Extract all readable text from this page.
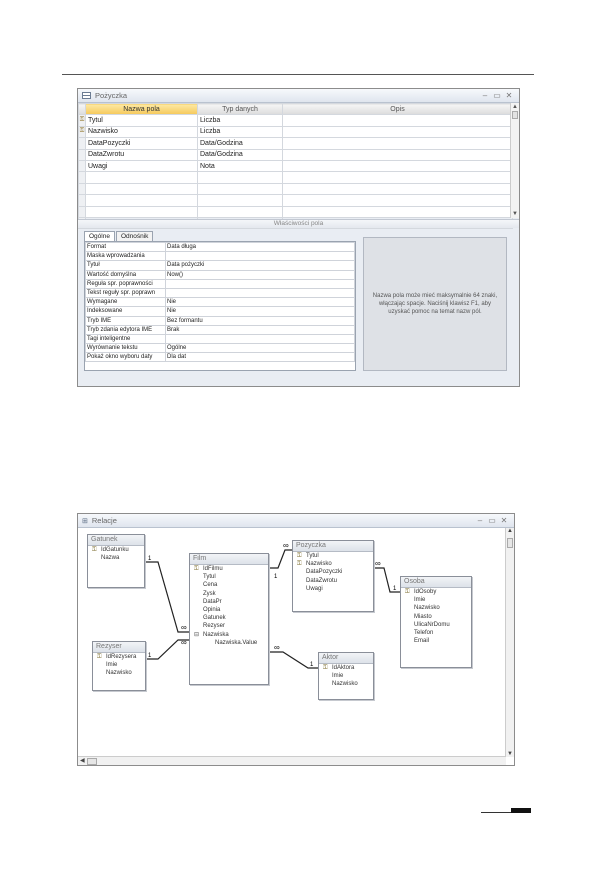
Pożyczka	– ▭ ✕
	Nazwa pola	Typ danych	Opis
⚿	Tytul	Liczba	
⚿	Nazwisko	Liczba	
	DataPozyczki	Data/Godzina	
	DataZwrotu	Data/Godzina	
	Uwagi	Nota	

▲
▼
Właściwości pola
Ogólne	Odnośnik
Format	Data długa
Maska wprowadzania	
Tytuł	Data pożyczki
Wartość domyślna	Now()
Reguła spr. poprawności	
Tekst reguły spr. poprawn	
Wymagane	Nie
Indeksowane	Nie
Tryb IME	Bez formantu
Tryb zdania edytora IME	Brak
Tagi inteligentne	
Wyrównanie tekstu	Ogólne
Pokaż okno wyboru daty	Dla dat
Nazwa pola może mieć maksymalnie 64 znaki, włączając spacje. Naciśnij klawisz F1, aby uzyskać pomoc na temat nazw pól.
⊞ Relacje	– ▭ ✕
1
∞
1
∞
∞
1
∞
1
∞
1
Gatunek
⚿ IdGatunku
Nazwa
Rezyser
⚿ IdRezysera
Imie
Nazwisko
Film
⚿ IdFilmu
Tytul
Cena
Zysk
DataPr
Opinia
Gatunek
Rezyser
⊟ Nazwiska
Nazwiska.Value
Pozyczka
⚿ Tytul
⚿ Nazwisko
DataPozyczki
DataZwrotu
Uwagi
Osoba
⚿ IdOsoby
Imie
Nazwisko
Miasto
UlicaNrDomu
Telefon
Email
Aktor
⚿ IdAktora
Imie
Nazwisko
▲
▼
◀
